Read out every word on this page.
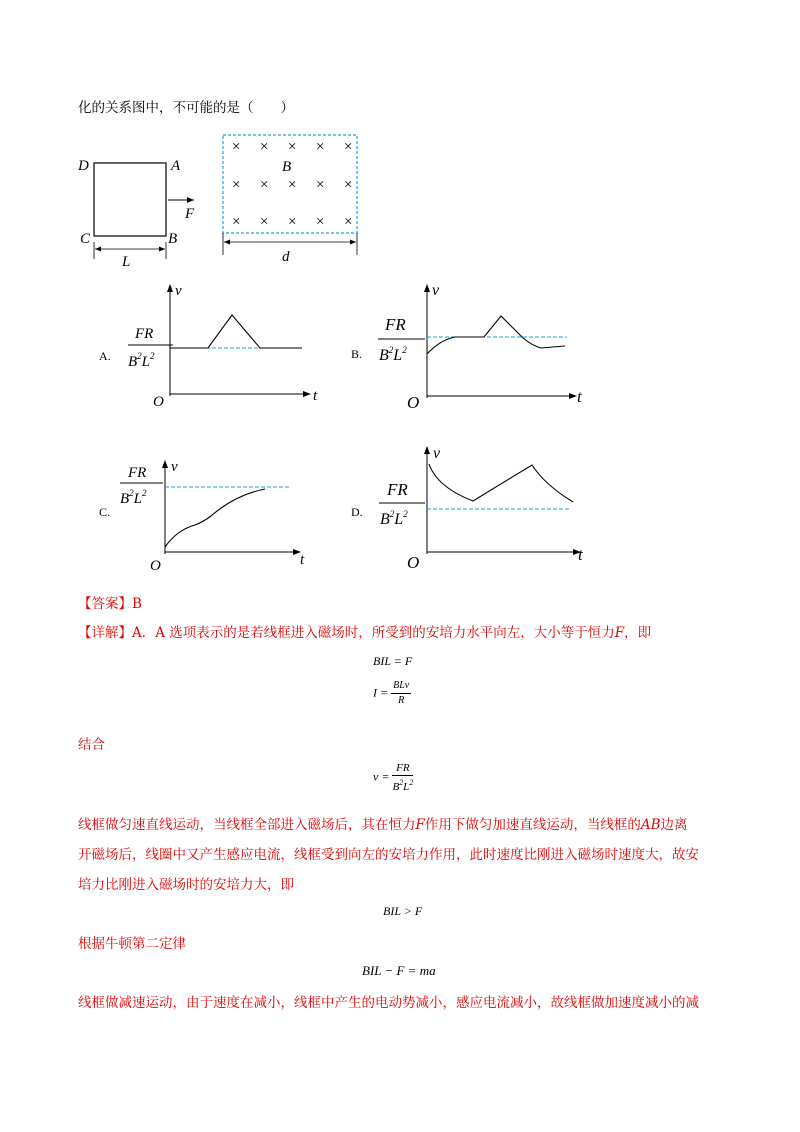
化的关系图中，不可能的是（　　）
D	A
C	B
F
L
× × × × ×
× × × × ×
× × × × ×
B
d
A.
FR
$B^2L^2$
v
t
O
B.
FR
$B^2L^2$
v
t
O
C.
FR
$B^2L^2$
v
t
O
D.
FR
$B^2L^2$
v
t
O
【答案】B
【详解】A．A 选项表示的是若线框进入磁场时，所受到的安培力水平向左，大小等于恒力F，即
BIL = F
$I = \frac{\text{BLv}}{R}$
结合
$v = \frac{FR}{B^2L^2}$
线框做匀速直线运动，当线框全部进入磁场后，其在恒力F作用下做匀加速直线运动，当线框的AB边离
开磁场后，线圈中又产生感应电流，线框受到向左的安培力作用，此时速度比刚进入磁场时速度大，故安
培力比刚进入磁场时的安培力大，即
BIL > F
根据牛顿第二定律
BIL − F = ma
线框做减速运动，由于速度在减小，线框中产生的电动势减小，感应电流减小，故线框做加速度减小的减
